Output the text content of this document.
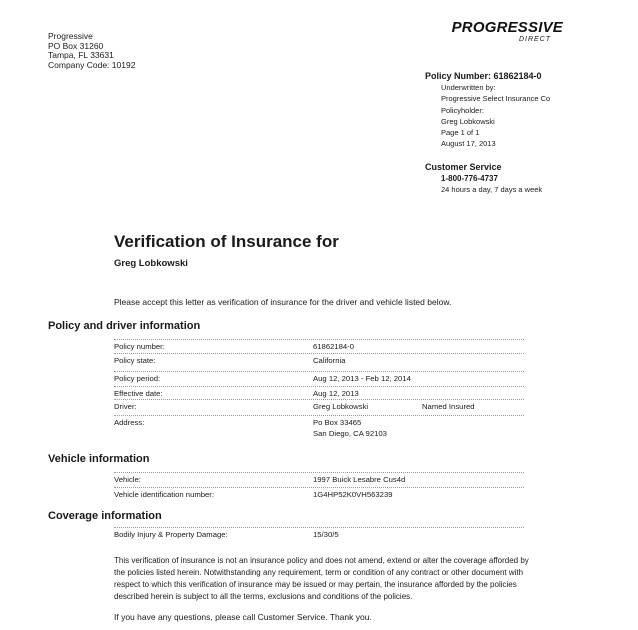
Progressive
PO Box 31260
Tampa, FL 33631
Company Code: 10192
PROGRESSIVE
DIRECT
Policy Number: 61862184-0
Underwritten by:
Progressive Select Insurance Co
Policyholder:
Greg Lobkowski
Page 1 of 1
August 17, 2013
Customer Service
1-800-776-4737
24 hours a day, 7 days a week
Verification of Insurance for
Greg Lobkowski
Please accept this letter as verification of insurance for the driver and vehicle listed below.
Policy and driver information
Policy number:	61862184-0
Policy state:	California
Policy period:	Aug 12, 2013 - Feb 12, 2014
Effective date:	Aug 12, 2013
Driver:	Greg Lobkowski	Named Insured
Address:	Po Box 33465
San Diego, CA 92103
Vehicle information
Vehicle:	1997 Buick Lesabre Cus4d
Vehicle identification number:	1G4HP52K0VH563239
Coverage information
Bodily Injury & Property Damage:	15/30/5
This verification of insurance is not an insurance policy and does not amend, extend or alter the coverage afforded by the policies listed herein. Notwithstanding any requirement, term or condition of any contract or other document with respect to which this verification of insurance may be issued or may pertain, the insurance afforded by the policies described herein is subject to all the terms, exclusions and conditions of the policies.
If you have any questions, please call Customer Service. Thank you.
